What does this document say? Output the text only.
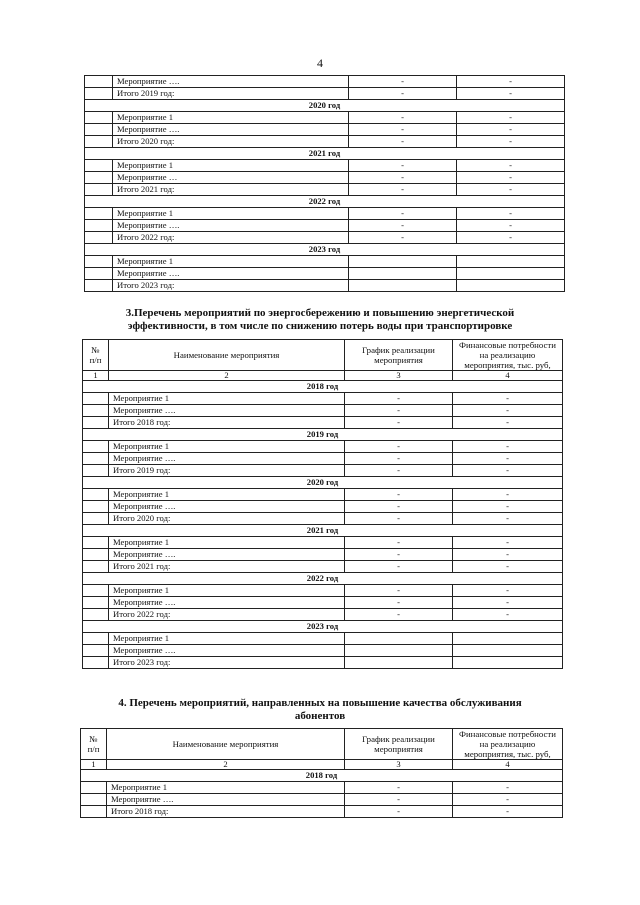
4
	Мероприятие ….	-	-
	Итого 2019 год:	-	-
2020 год			
	Мероприятие 1	-	-
	Мероприятие ….	-	-
	Итого 2020 год:	-	-
2021 год			
	Мероприятие 1	-	-
	Мероприятие …	-	-
	Итого 2021 год:	-	-
2022 год			
	Мероприятие 1	-	-
	Мероприятие ….	-	-
	Итого 2022 год:	-	-
2023 год			
	Мероприятие 1		
	Мероприятие ….		
	Итого 2023 год:		
3.Перечень мероприятий по энергосбережению и повышению энергетической
эффективности, в том числе по снижению потерь воды при транспортировке
№ п/п	Наименование мероприятия	График реализации мероприятия	Финансовые потребности на реализацию мероприятия, тыс. руб,
1	2	3	4
2018 год			
	Мероприятие 1	-	-
	Мероприятие ….	-	-
	Итого 2018 год:	-	-
2019 год			
	Мероприятие 1	-	-
	Мероприятие ….	-	-
	Итого 2019 год:	-	-
2020 год			
	Мероприятие 1	-	-
	Мероприятие ….	-	-
	Итого 2020 год:	-	-
2021 год			
	Мероприятие 1	-	-
	Мероприятие ….	-	-
	Итого 2021 год:	-	-
2022 год			
	Мероприятие 1	-	-
	Мероприятие ….	-	-
	Итого 2022 год:	-	-
2023 год			
	Мероприятие 1		
	Мероприятие ….		
	Итого 2023 год:		
4. Перечень мероприятий, направленных на повышение качества обслуживания
абонентов
№ п/п	Наименование мероприятия	График реализации мероприятия	Финансовые потребности на реализацию мероприятия, тыс. руб,
1	2	3	4
2018 год			
	Мероприятие 1	-	-
	Мероприятие ….	-	-
	Итого 2018 год:	-	-
